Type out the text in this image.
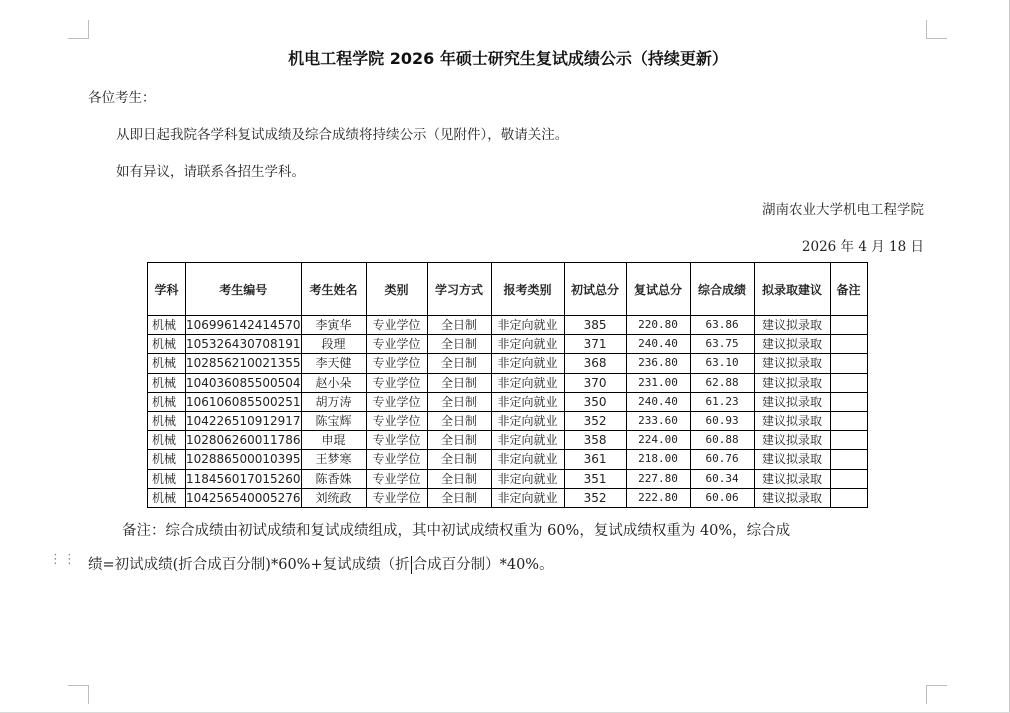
机电工程学院 2026 年硕士研究生复试成绩公示（持续更新）
各位考生：
从即日起我院各学科复试成绩及综合成绩将持续公示（见附件），敬请关注。
如有异议，请联系各招生学科。
湖南农业大学机电工程学院
2026 年 4 月 18 日
学科	考生编号	考生姓名	类别	学习方式	报考类别	初试总分	复试总分	综合成绩	拟录取建议	备注
机械	106996142414570	李寅华	专业学位	全日制	非定向就业	385	220.80	63.86	建议拟录取	
机械	105326430708191	段理	专业学位	全日制	非定向就业	371	240.40	63.75	建议拟录取	
机械	102856210021355	李天健	专业学位	全日制	非定向就业	368	236.80	63.10	建议拟录取	
机械	104036085500504	赵小朵	专业学位	全日制	非定向就业	370	231.00	62.88	建议拟录取	
机械	106106085500251	胡万涛	专业学位	全日制	非定向就业	350	240.40	61.23	建议拟录取	
机械	104226510912917	陈宝辉	专业学位	全日制	非定向就业	352	233.60	60.93	建议拟录取	
机械	102806260011786	申琨	专业学位	全日制	非定向就业	358	224.00	60.88	建议拟录取	
机械	102886500010395	王梦寒	专业学位	全日制	非定向就业	361	218.00	60.76	建议拟录取	
机械	118456017015260	陈香姝	专业学位	全日制	非定向就业	351	227.80	60.34	建议拟录取	
机械	104256540005276	刘统政	专业学位	全日制	非定向就业	352	222.80	60.06	建议拟录取	
⋮⋮
备注：综合成绩由初试成绩和复试成绩组成，其中初试成绩权重为 60%，复试成绩权重为 40%，综合成
绩=初试成绩(折合成百分制)*60%+复试成绩（折 合成百分制）*40%。
